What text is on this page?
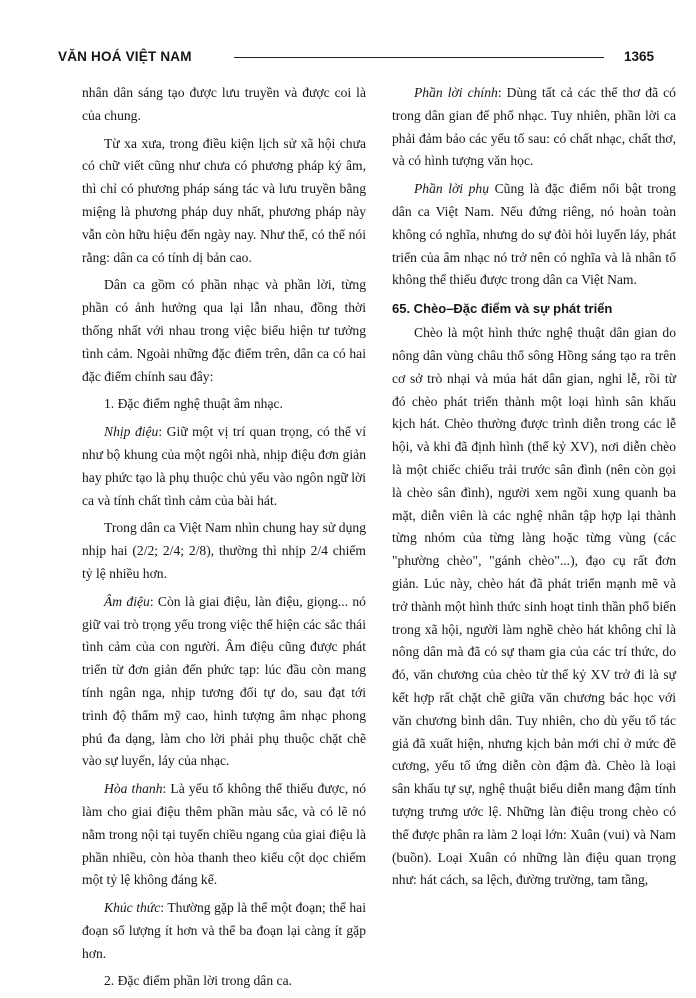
VĂN HOÁ VIỆT NAM	1365

nhân dân sáng tạo được lưu truyền và được coi là của chung.

Từ xa xưa, trong điều kiện lịch sử xã hội chưa có chữ viết cũng như chưa có phương pháp ký âm, thì chỉ có phương pháp sáng tác và lưu truyền bằng miệng là phương pháp duy nhất, phương pháp này vẫn còn hữu hiệu đến ngày nay. Như thế, có thể nói rằng: dân ca có tính dị bản cao.

Dân ca gồm có phần nhạc và phần lời, từng phần có ảnh hưởng qua lại lẫn nhau, đồng thời thống nhất với nhau trong việc biểu hiện tư tưởng tình cảm. Ngoài những đặc điểm trên, dân ca có hai đặc điểm chính sau đây:

1. Đặc điểm nghệ thuật âm nhạc.

Nhịp điệu: Giữ một vị trí quan trọng, có thể ví như bộ khung của một ngôi nhà, nhịp điệu đơn giản hay phức tạo là phụ thuộc chủ yếu vào ngôn ngữ lời ca và tính chất tình cảm của bài hát.

Trong dân ca Việt Nam nhìn chung hay sử dụng nhịp hai (2/2; 2/4; 2/8), thường thì nhịp 2/4 chiếm tỷ lệ nhiều hơn.

Âm điệu: Còn là giai điệu, làn điệu, giọng... nó giữ vai trò trọng yếu trong việc thể hiện các sắc thái tình cảm của con người. Âm điệu cũng được phát triển từ đơn giản đến phức tạp: lúc đầu còn mang tính ngân nga, nhịp tương đối tự do, sau đạt tới trình độ thẩm mỹ cao, hình tượng âm nhạc phong phú đa dạng, làm cho lời phải phụ thuộc chặt chẽ vào sự luyến, láy của nhạc.

Hòa thanh: Là yếu tố không thể thiếu được, nó làm cho giai điệu thêm phần màu sắc, và có lẽ nó nằm trong nội tại tuyến chiều ngang của giai điệu là phần nhiều, còn hòa thanh theo kiểu cột dọc chiếm một tỷ lệ không đáng kể.

Khúc thức: Thường gặp là thể một đoạn; thể hai đoạn số lượng ít hơn và thể ba đoạn lại càng ít gặp hơn.

2. Đặc điểm phần lời trong dân ca.

Phần lời chính: Dùng tất cả các thể thơ đã có trong dân gian để phổ nhạc. Tuy nhiên, phần lời ca phải đảm bảo các yếu tố sau: có chất nhạc, chất thơ, và có hình tượng văn học.

Phần lời phụ Cũng là đặc điểm nổi bật trong dân ca Việt Nam. Nếu đứng riêng, nó hoàn toàn không có nghĩa, nhưng do sự đòi hỏi luyến láy, phát triển của âm nhạc nó trở nên có nghĩa và là nhân tố không thể thiếu được trong dân ca Việt Nam.

65. Chèo–Đặc điểm và sự phát triển

Chèo là một hình thức nghệ thuật dân gian do nông dân vùng châu thổ sông Hồng sáng tạo ra trên cơ sở trò nhại và múa hát dân gian, nghi lễ, rồi từ đó chèo phát triển thành một loại hình sân khấu kịch hát. Chèo thường được trình diễn trong các lễ hội, và khi đã định hình (thế kỷ XV), nơi diễn chèo là một chiếc chiếu trải trước sân đình (nên còn gọi là chèo sân đình), người xem ngồi xung quanh ba mặt, diễn viên là các nghệ nhân tập hợp lại thành từng nhóm của từng làng hoặc từng vùng (các "phường chèo", "gánh chèo"...), đạo cụ rất đơn giản. Lúc này, chèo hát đã phát triển mạnh mẽ và trở thành một hình thức sinh hoạt tinh thần phổ biến trong xã hội, người làm nghề chèo hát không chỉ là nông dân mà đã có sự tham gia của các trí thức, do đó, văn chương của chèo từ thế kỷ XV trở đi là sự kết hợp rất chặt chẽ giữa văn chương bác học với văn chương bình dân. Tuy nhiên, cho dù yếu tố tác giả đã xuất hiện, nhưng kịch bản mới chỉ ở mức đề cương, yếu tố ứng diễn còn đậm đà. Chèo là loại sân khấu tự sự, nghệ thuật biểu diễn mang đậm tính tượng trưng ước lệ. Những làn điệu trong chèo có thể được phân ra làm 2 loại lớn: Xuân (vui) và Nam (buồn). Loại Xuân có những làn điệu quan trọng như: hát cách, sa lệch, đường trường, tam tầng,
